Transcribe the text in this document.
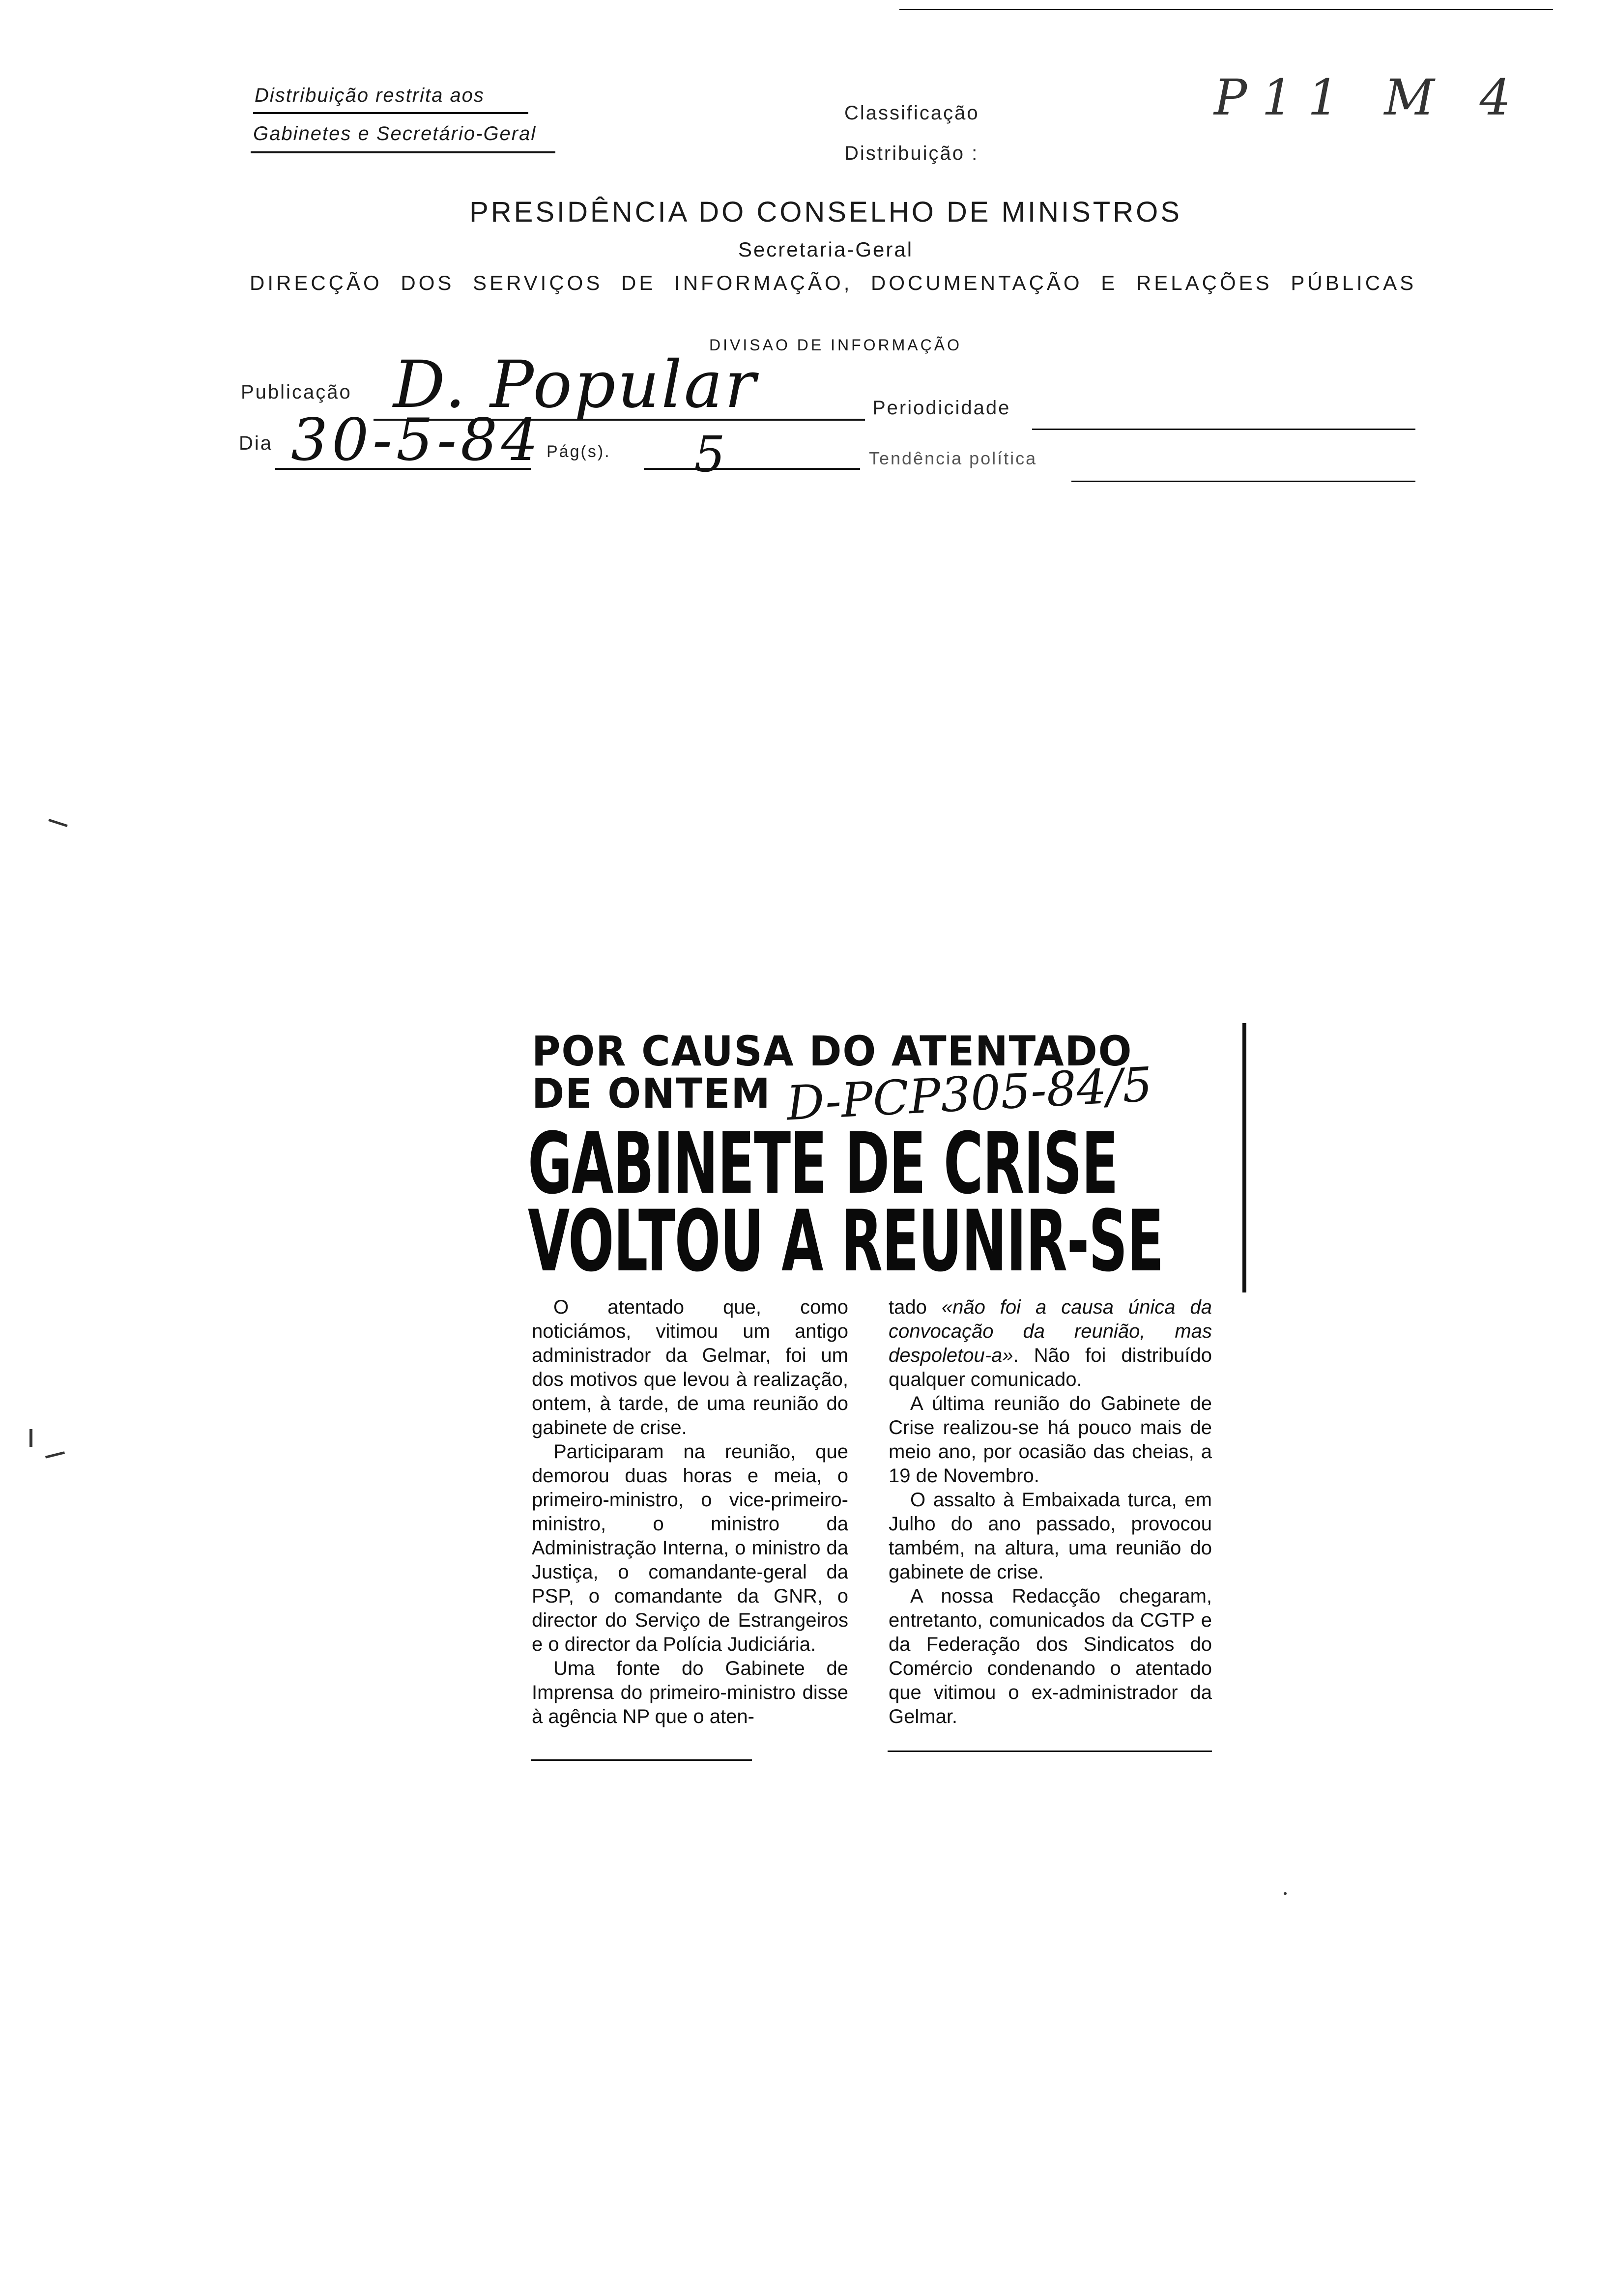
Distribuição restrita aos
Gabinetes e Secretário-Geral
Classificação
Distribuição :
P11 M 4
PRESIDÊNCIA DO CONSELHO DE MINISTROS
Secretaria-Geral
DIRECÇÃO DOS SERVIÇOS DE INFORMAÇÃO, DOCUMENTAÇÃO E RELAÇÕES PÚBLICAS
DIVISAO DE INFORMAÇÃO
Publicação D. Popular	Periodicidade
Dia 30-5-84 Pág(s). 5	Tendência política
POR CAUSA DO ATENTADO
DE ONTEM D-PCP305-84/5
GABINETE DE CRISE
VOLTOU A REUNIR-SE

O atentado que, como noticiámos, vitimou um antigo administrador da Gelmar, foi um dos motivos que levou à realização, ontem, à tarde, de uma reunião do gabinete de crise.

Participaram na reunião, que demorou duas horas e meia, o primeiro-ministro, o vice-primeiro-ministro, o ministro da Administração Interna, o ministro da Justiça, o comandante-geral da PSP, o comandante da GNR, o director do Serviço de Estrangeiros e o director da Polícia Judiciária.

Uma fonte do Gabinete de Imprensa do primeiro-ministro disse à agência NP que o aten-

tado «não foi a causa única da convocação da reunião, mas despoletou-a». Não foi distribuído qualquer comunicado.

A última reunião do Gabinete de Crise realizou-se há pouco mais de meio ano, por ocasião das cheias, a 19 de Novembro.

O assalto à Embaixada turca, em Julho do ano passado, provocou também, na altura, uma reunião do gabinete de crise.

A nossa Redacção chegaram, entretanto, comunicados da CGTP e da Federação dos Sindicatos do Comércio condenando o atentado que vitimou o ex-administrador da Gelmar.
